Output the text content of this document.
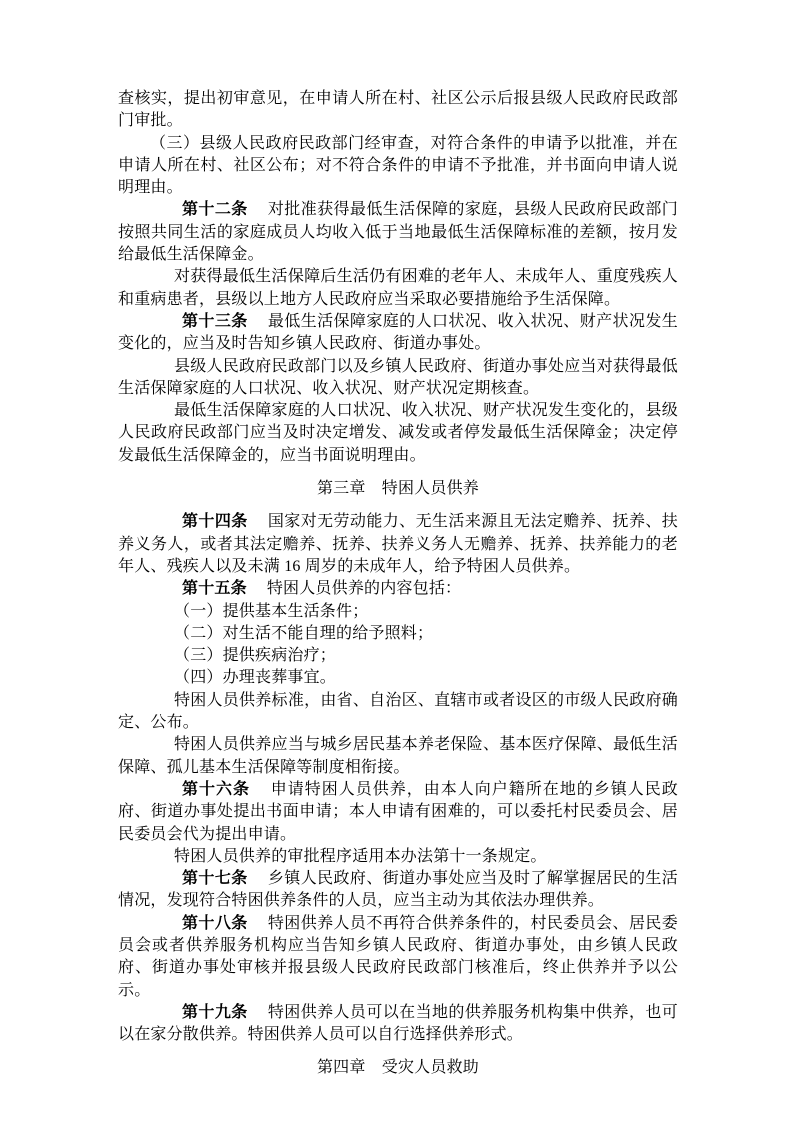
查核实，提出初审意见，在申请人所在村、社区公示后报县级人民政府民政部门审批。

（三）县级人民政府民政部门经审查，对符合条件的申请予以批准，并在申请人所在村、社区公布；对不符合条件的申请不予批准，并书面向申请人说明理由。

第十二条 对批准获得最低生活保障的家庭，县级人民政府民政部门按照共同生活的家庭成员人均收入低于当地最低生活保障标准的差额，按月发给最低生活保障金。

对获得最低生活保障后生活仍有困难的老年人、未成年人、重度残疾人和重病患者，县级以上地方人民政府应当采取必要措施给予生活保障。

第十三条 最低生活保障家庭的人口状况、收入状况、财产状况发生变化的，应当及时告知乡镇人民政府、街道办事处。

县级人民政府民政部门以及乡镇人民政府、街道办事处应当对获得最低生活保障家庭的人口状况、收入状况、财产状况定期核查。

最低生活保障家庭的人口状况、收入状况、财产状况发生变化的，县级人民政府民政部门应当及时决定增发、减发或者停发最低生活保障金；决定停发最低生活保障金的，应当书面说明理由。

第三章　特困人员供养

第十四条 国家对无劳动能力、无生活来源且无法定赡养、抚养、扶养义务人，或者其法定赡养、抚养、扶养义务人无赡养、抚养、扶养能力的老年人、残疾人以及未满 16 周岁的未成年人，给予特困人员供养。

第十五条 特困人员供养的内容包括：

（一）提供基本生活条件；

（二）对生活不能自理的给予照料；

（三）提供疾病治疗；

（四）办理丧葬事宜。

特困人员供养标准，由省、自治区、直辖市或者设区的市级人民政府确定、公布。

特困人员供养应当与城乡居民基本养老保险、基本医疗保障、最低生活保障、孤儿基本生活保障等制度相衔接。

第十六条 申请特困人员供养，由本人向户籍所在地的乡镇人民政府、街道办事处提出书面申请；本人申请有困难的，可以委托村民委员会、居民委员会代为提出申请。

特困人员供养的审批程序适用本办法第十一条规定。

第十七条 乡镇人民政府、街道办事处应当及时了解掌握居民的生活情况，发现符合特困供养条件的人员，应当主动为其依法办理供养。

第十八条 特困供养人员不再符合供养条件的，村民委员会、居民委员会或者供养服务机构应当告知乡镇人民政府、街道办事处，由乡镇人民政府、街道办事处审核并报县级人民政府民政部门核准后，终止供养并予以公示。

第十九条 特困供养人员可以在当地的供养服务机构集中供养，也可以在家分散供养。特困供养人员可以自行选择供养形式。

第四章　受灾人员救助
